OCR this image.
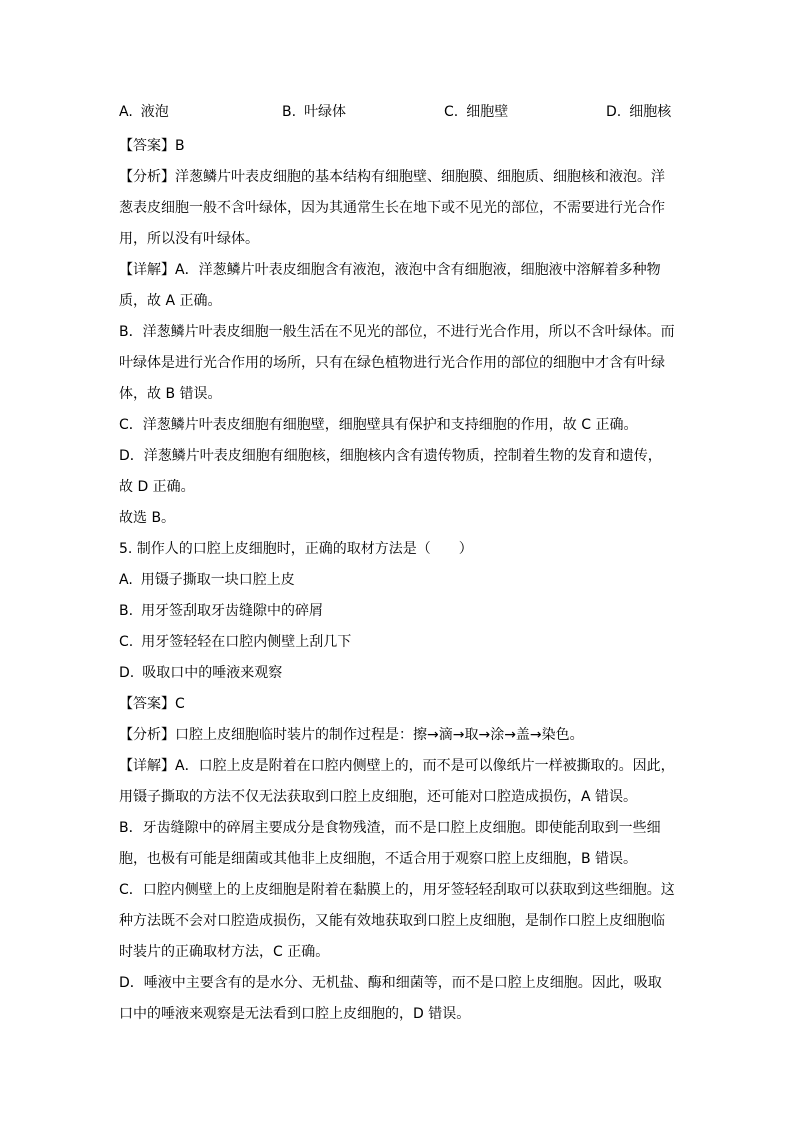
A. 液泡	B. 叶绿体	C. 细胞壁	D. 细胞核

【答案】B

【分析】洋葱鳞片叶表皮细胞的基本结构有细胞壁、细胞膜、细胞质、细胞核和液泡。洋葱表皮细胞一般不含叶绿体，因为其通常生长在地下或不见光的部位，不需要进行光合作用，所以没有叶绿体。

【详解】A．洋葱鳞片叶表皮细胞含有液泡，液泡中含有细胞液，细胞液中溶解着多种物质，故 A 正确。

B．洋葱鳞片叶表皮细胞一般生活在不见光的部位，不进行光合作用，所以不含叶绿体。而叶绿体是进行光合作用的场所，只有在绿色植物进行光合作用的部位的细胞中才含有叶绿体，故 B 错误。

C．洋葱鳞片叶表皮细胞有细胞壁，细胞壁具有保护和支持细胞的作用，故 C 正确。

D．洋葱鳞片叶表皮细胞有细胞核，细胞核内含有遗传物质，控制着生物的发育和遗传，故 D 正确。

故选 B。

5. 制作人的口腔上皮细胞时，正确的取材方法是（　　）

A. 用镊子撕取一块口腔上皮

B. 用牙签刮取牙齿缝隙中的碎屑

C. 用牙签轻轻在口腔内侧壁上刮几下

D. 吸取口中的唾液来观察

【答案】C

【分析】口腔上皮细胞临时装片的制作过程是：擦→滴→取→涂→盖→染色。

【详解】A．口腔上皮是附着在口腔内侧壁上的，而不是可以像纸片一样被撕取的。因此，用镊子撕取的方法不仅无法获取到口腔上皮细胞，还可能对口腔造成损伤，A 错误。

B．牙齿缝隙中的碎屑主要成分是食物残渣，而不是口腔上皮细胞。即使能刮取到一些细胞，也极有可能是细菌或其他非上皮细胞，不适合用于观察口腔上皮细胞，B 错误。

C．口腔内侧壁上的上皮细胞是附着在黏膜上的，用牙签轻轻刮取可以获取到这些细胞。这种方法既不会对口腔造成损伤，又能有效地获取到口腔上皮细胞，是制作口腔上皮细胞临时装片的正确取材方法，C 正确。

D．唾液中主要含有的是水分、无机盐、酶和细菌等，而不是口腔上皮细胞。因此，吸取口中的唾液来观察是无法看到口腔上皮细胞的，D 错误。
